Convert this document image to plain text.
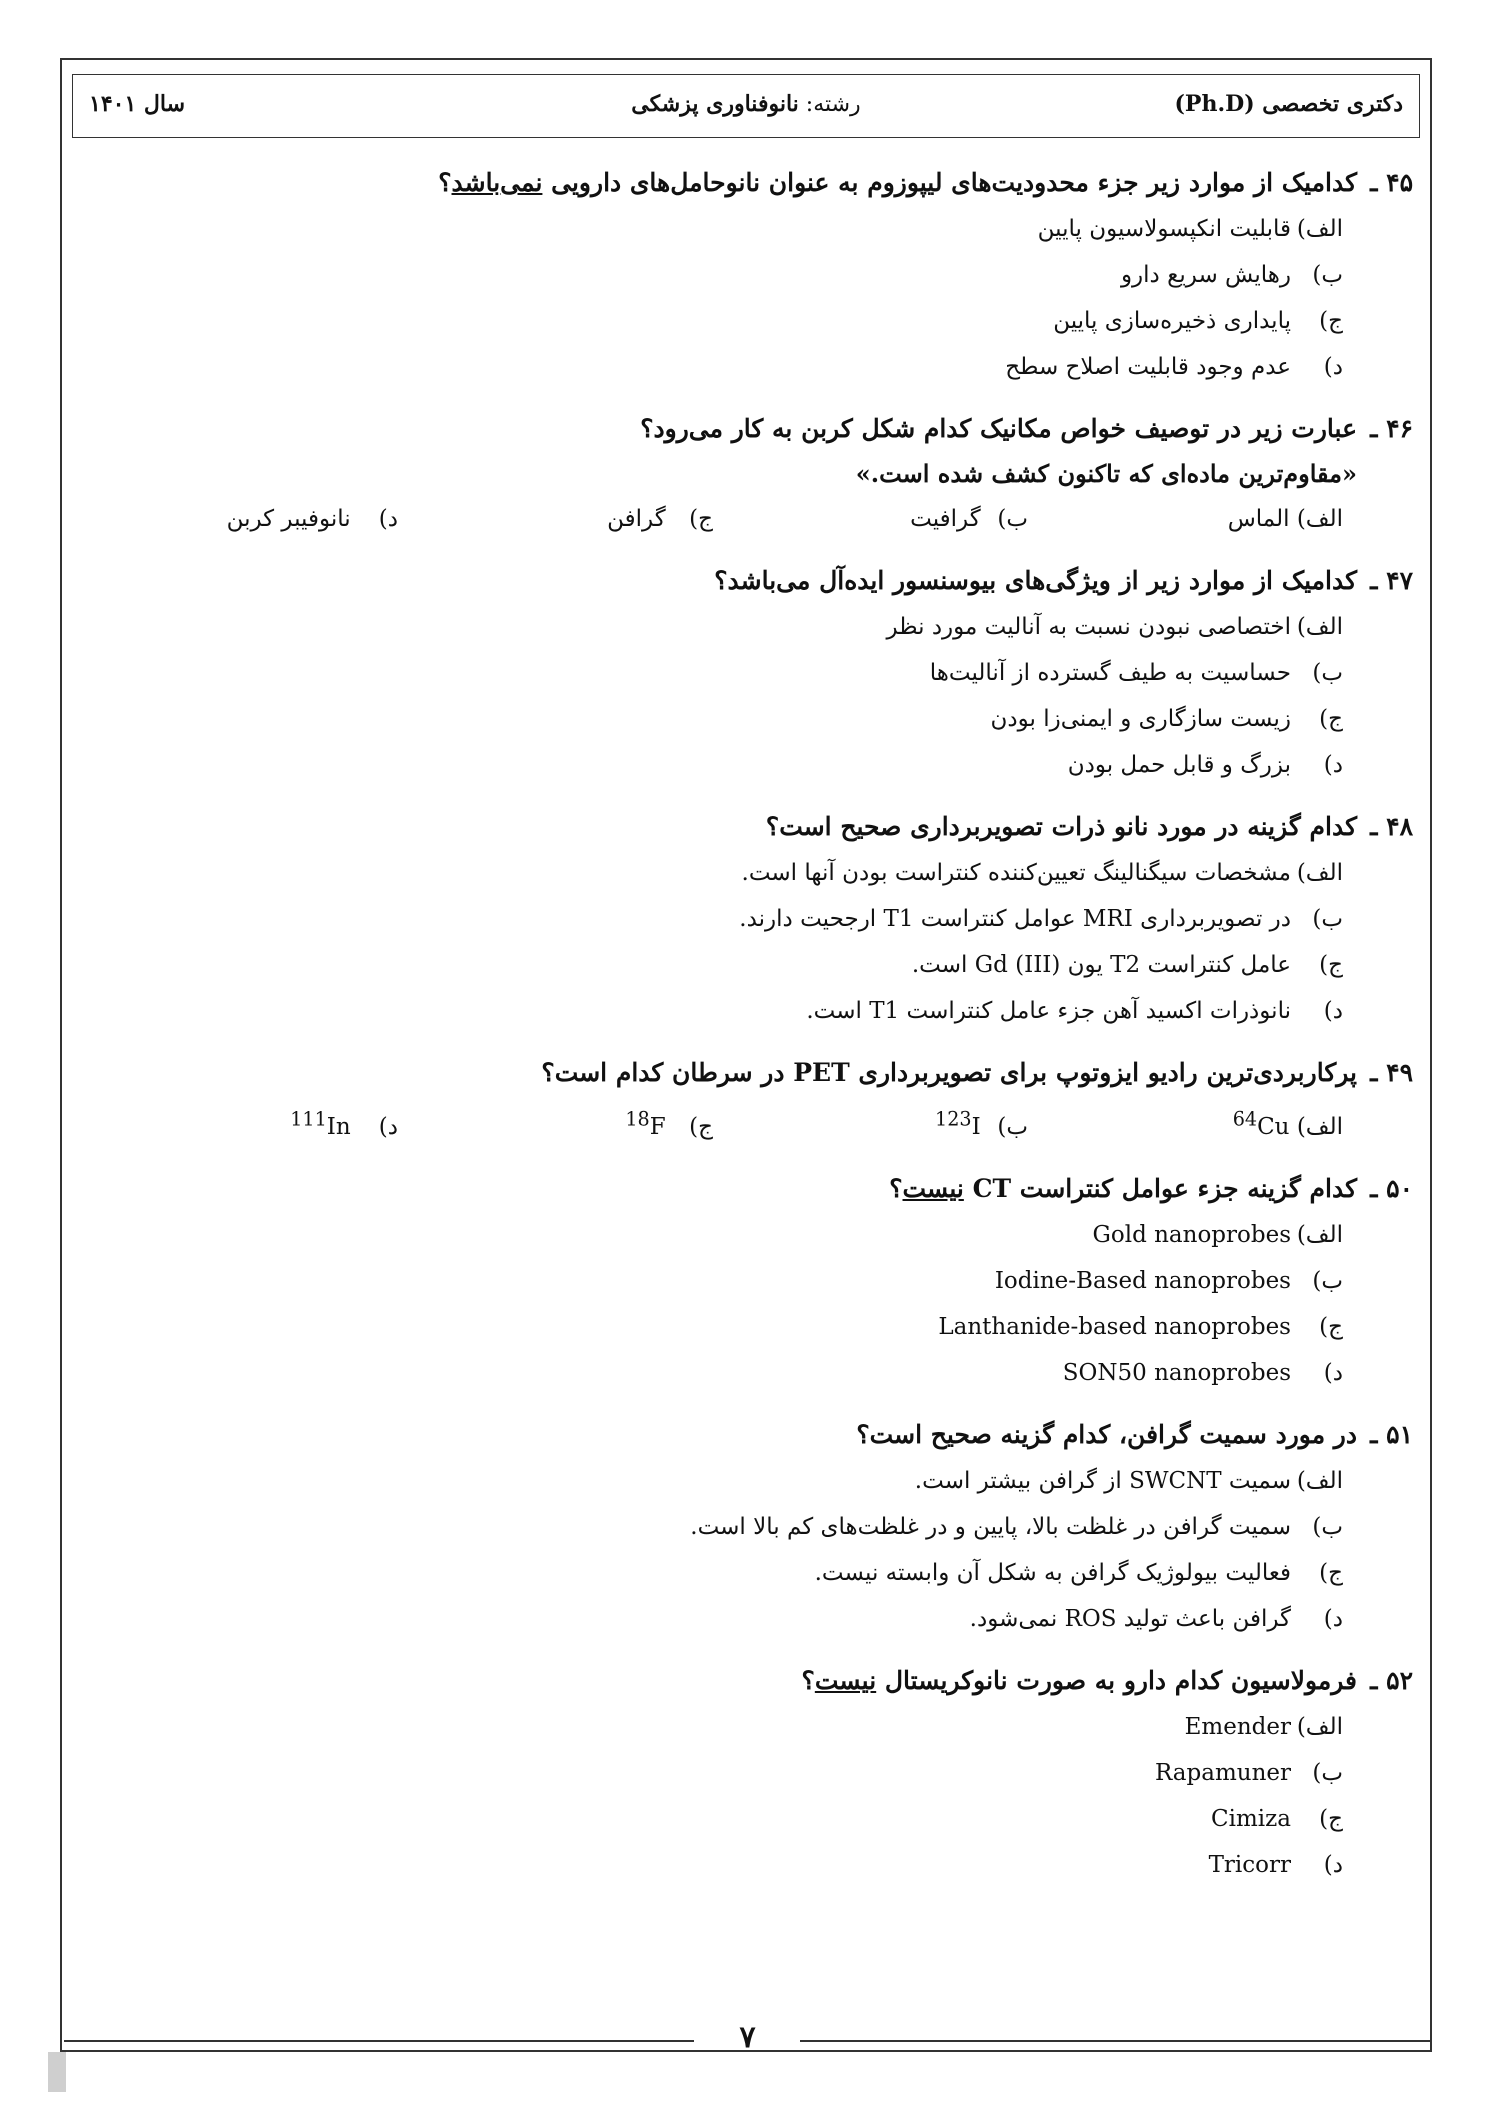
سال ۱۴۰۱	رشته: نانوفناوری پزشکی	دکتری تخصصی (Ph.D)
۴۵ ـکدامیک از موارد زیر جزء محدودیت‌های لیپوزوم به عنوان نانوحامل‌های دارویی نمی‌باشد؟
الف)قابلیت انکپسولاسیون پایین
ب)رهایش سریع دارو
ج)پایداری ذخیره‌سازی پایین
د)عدم وجود قابلیت اصلاح سطح
۴۶ ـعبارت زیر در توصیف خواص مکانیک کدام شکل کربن به کار می‌رود؟
«مقاوم‌ترین ماده‌ای که تاکنون کشف شده است.»
الف) الماس
ب) گرافیت
ج) گرافن
د) نانوفیبر کربن
۴۷ ـکدامیک از موارد زیر از ویژگی‌های بیوسنسور ایده‌آل می‌باشد؟
الف)اختصاصی نبودن نسبت به آنالیت مورد نظر
ب)حساسیت به طیف گسترده از آنالیت‌ها
ج)زیست سازگاری و ایمنی‌زا بودن
د)بزرگ و قابل حمل بودن
۴۸ ـکدام گزینه در مورد نانو ذرات تصویربرداری صحیح است؟
الف)مشخصات سیگنالینگ تعیین‌کننده کنتراست بودن آنها است.
ب)در تصویربرداری MRI عوامل کنتراست T1 ارجحیت دارند.
ج)عامل کنتراست T2 یون Gd (III) است.
د)نانوذرات اکسید آهن جزء عامل کنتراست T1 است.
۴۹ ـپرکاربردی‌ترین رادیو ایزوتوپ برای تصویربرداری PET در سرطان کدام است؟
الف) $^{64}$Cu
ب) $^{123}$I
ج) $^{18}$F
د) $^{111}$In
۵۰ ـکدام گزینه جزء عوامل کنتراست CT نیست؟
الف)Gold nanoprobes
ب)Iodine-Based nanoprobes
ج)Lanthanide-based nanoprobes
د)SON50 nanoprobes
۵۱ ـدر مورد سمیت گرافن، کدام گزینه صحیح است؟
الف)سمیت SWCNT از گرافن بیشتر است.
ب)سمیت گرافن در غلظت بالا، پایین و در غلظت‌های کم بالا است.
ج)فعالیت بیولوژیک گرافن به شکل آن وابسته نیست.
د)گرافن باعث تولید ROS نمی‌شود.
۵۲ ـفرمولاسیون کدام دارو به صورت نانوکریستال نیست؟
الف)Emender
ب)Rapamuner
ج)Cimiza
د)Tricorr
۷
